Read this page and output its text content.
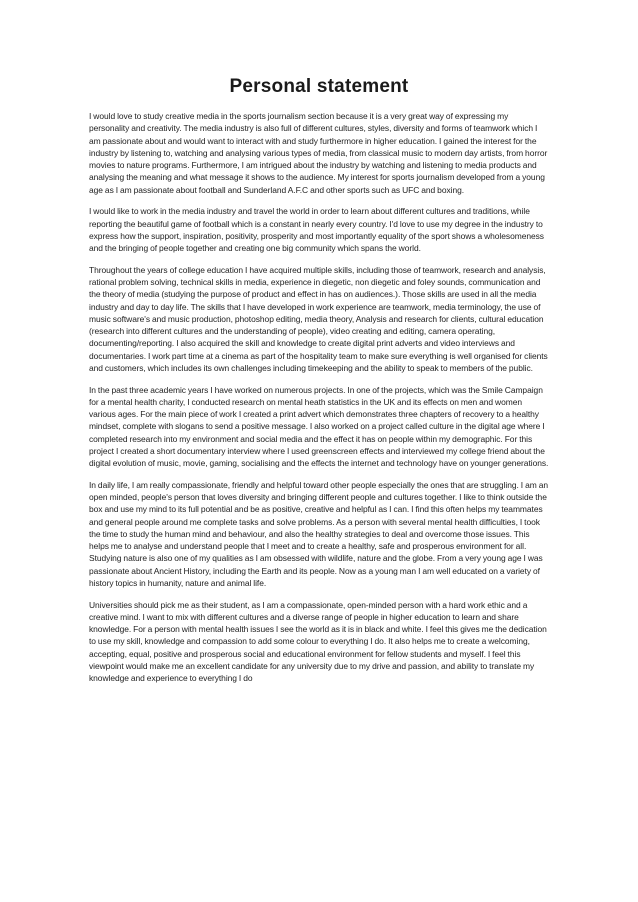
Personal statement

I would love to study creative media in the sports journalism section because it is a very great way of expressing my personality and creativity. The media industry is also full of different cultures, styles, diversity and forms of teamwork which I am passionate about and would want to interact with and study furthermore in higher education. I gained the interest for the industry by listening to, watching and analysing various types of media, from classical music to modern day artists, from horror movies to nature programs. Furthermore, I am intrigued about the industry by watching and listening to media products and analysing the meaning and what message it shows to the audience. My interest for sports journalism developed from a young age as I am passionate about football and Sunderland A.F.C and other sports such as UFC and boxing.

I would like to work in the media industry and travel the world in order to learn about different cultures and traditions, while reporting the beautiful game of football which is a constant in nearly every country. I'd love to use my degree in the industry to express how the support, inspiration, positivity, prosperity and most importantly equality of the sport shows a wholesomeness and the bringing of people together and creating one big community which spans the world.

Throughout the years of college education I have acquired multiple skills, including those of teamwork, research and analysis, rational problem solving, technical skills in media, experience in diegetic, non diegetic and foley sounds, communication and the theory of media (studying the purpose of product and effect in has on audiences.). Those skills are used in all the media industry and day to day life. The skills that I have developed in work experience are teamwork, media terminology, the use of music software's and music production, photoshop editing, media theory, Analysis and research for clients, cultural education (research into different cultures and the understanding of people), video creating and editing, camera operating, documenting/reporting. I also acquired the skill and knowledge to create digital print adverts and video interviews and documentaries. I work part time at a cinema as part of the hospitality team to make sure everything is well organised for clients and customers, which includes its own challenges including timekeeping and the ability to speak to members of the public.

In the past three academic years I have worked on numerous projects. In one of the projects, which was the Smile Campaign for a mental health charity, I conducted research on mental heath statistics in the UK and its effects on men and women various ages. For the main piece of work I created a print advert which demonstrates three chapters of recovery to a healthy mindset, complete with slogans to send a positive message. I also worked on a project called culture in the digital age where I completed research into my environment and social media and the effect it has on people within my demographic. For this project I created a short documentary interview where I used greenscreen effects and interviewed my college friend about the digital evolution of music, movie, gaming, socialising and the effects the internet and technology have on younger generations.

In daily life, I am really compassionate, friendly and helpful toward other people especially the ones that are struggling. I am an open minded, people's person that loves diversity and bringing different people and cultures together. I like to think outside the box and use my mind to its full potential and be as positive, creative and helpful as I can. I find this often helps my teammates and general people around me complete tasks and solve problems. As a person with several mental health difficulties, I took the time to study the human mind and behaviour, and also the healthy strategies to deal and overcome those issues. This helps me to analyse and understand people that I meet and to create a healthy, safe and prosperous environment for all. Studying nature is also one of my qualities as I am obsessed with wildlife, nature and the globe. From a very young age I was passionate about Ancient History, including the Earth and its people. Now as a young man I am well educated on a variety of history topics in humanity, nature and animal life.

Universities should pick me as their student, as I am a compassionate, open-minded person with a hard work ethic and a creative mind. I want to mix with different cultures and a diverse range of people in higher education to learn and share knowledge. For a person with mental health issues I see the world as it is in black and white. I feel this gives me the dedication to use my skill, knowledge and compassion to add some colour to everything I do. It also helps me to create a welcoming, accepting, equal, positive and prosperous social and educational environment for fellow students and myself. I feel this viewpoint would make me an excellent candidate for any university due to my drive and passion, and ability to translate my knowledge and experience to everything I do
